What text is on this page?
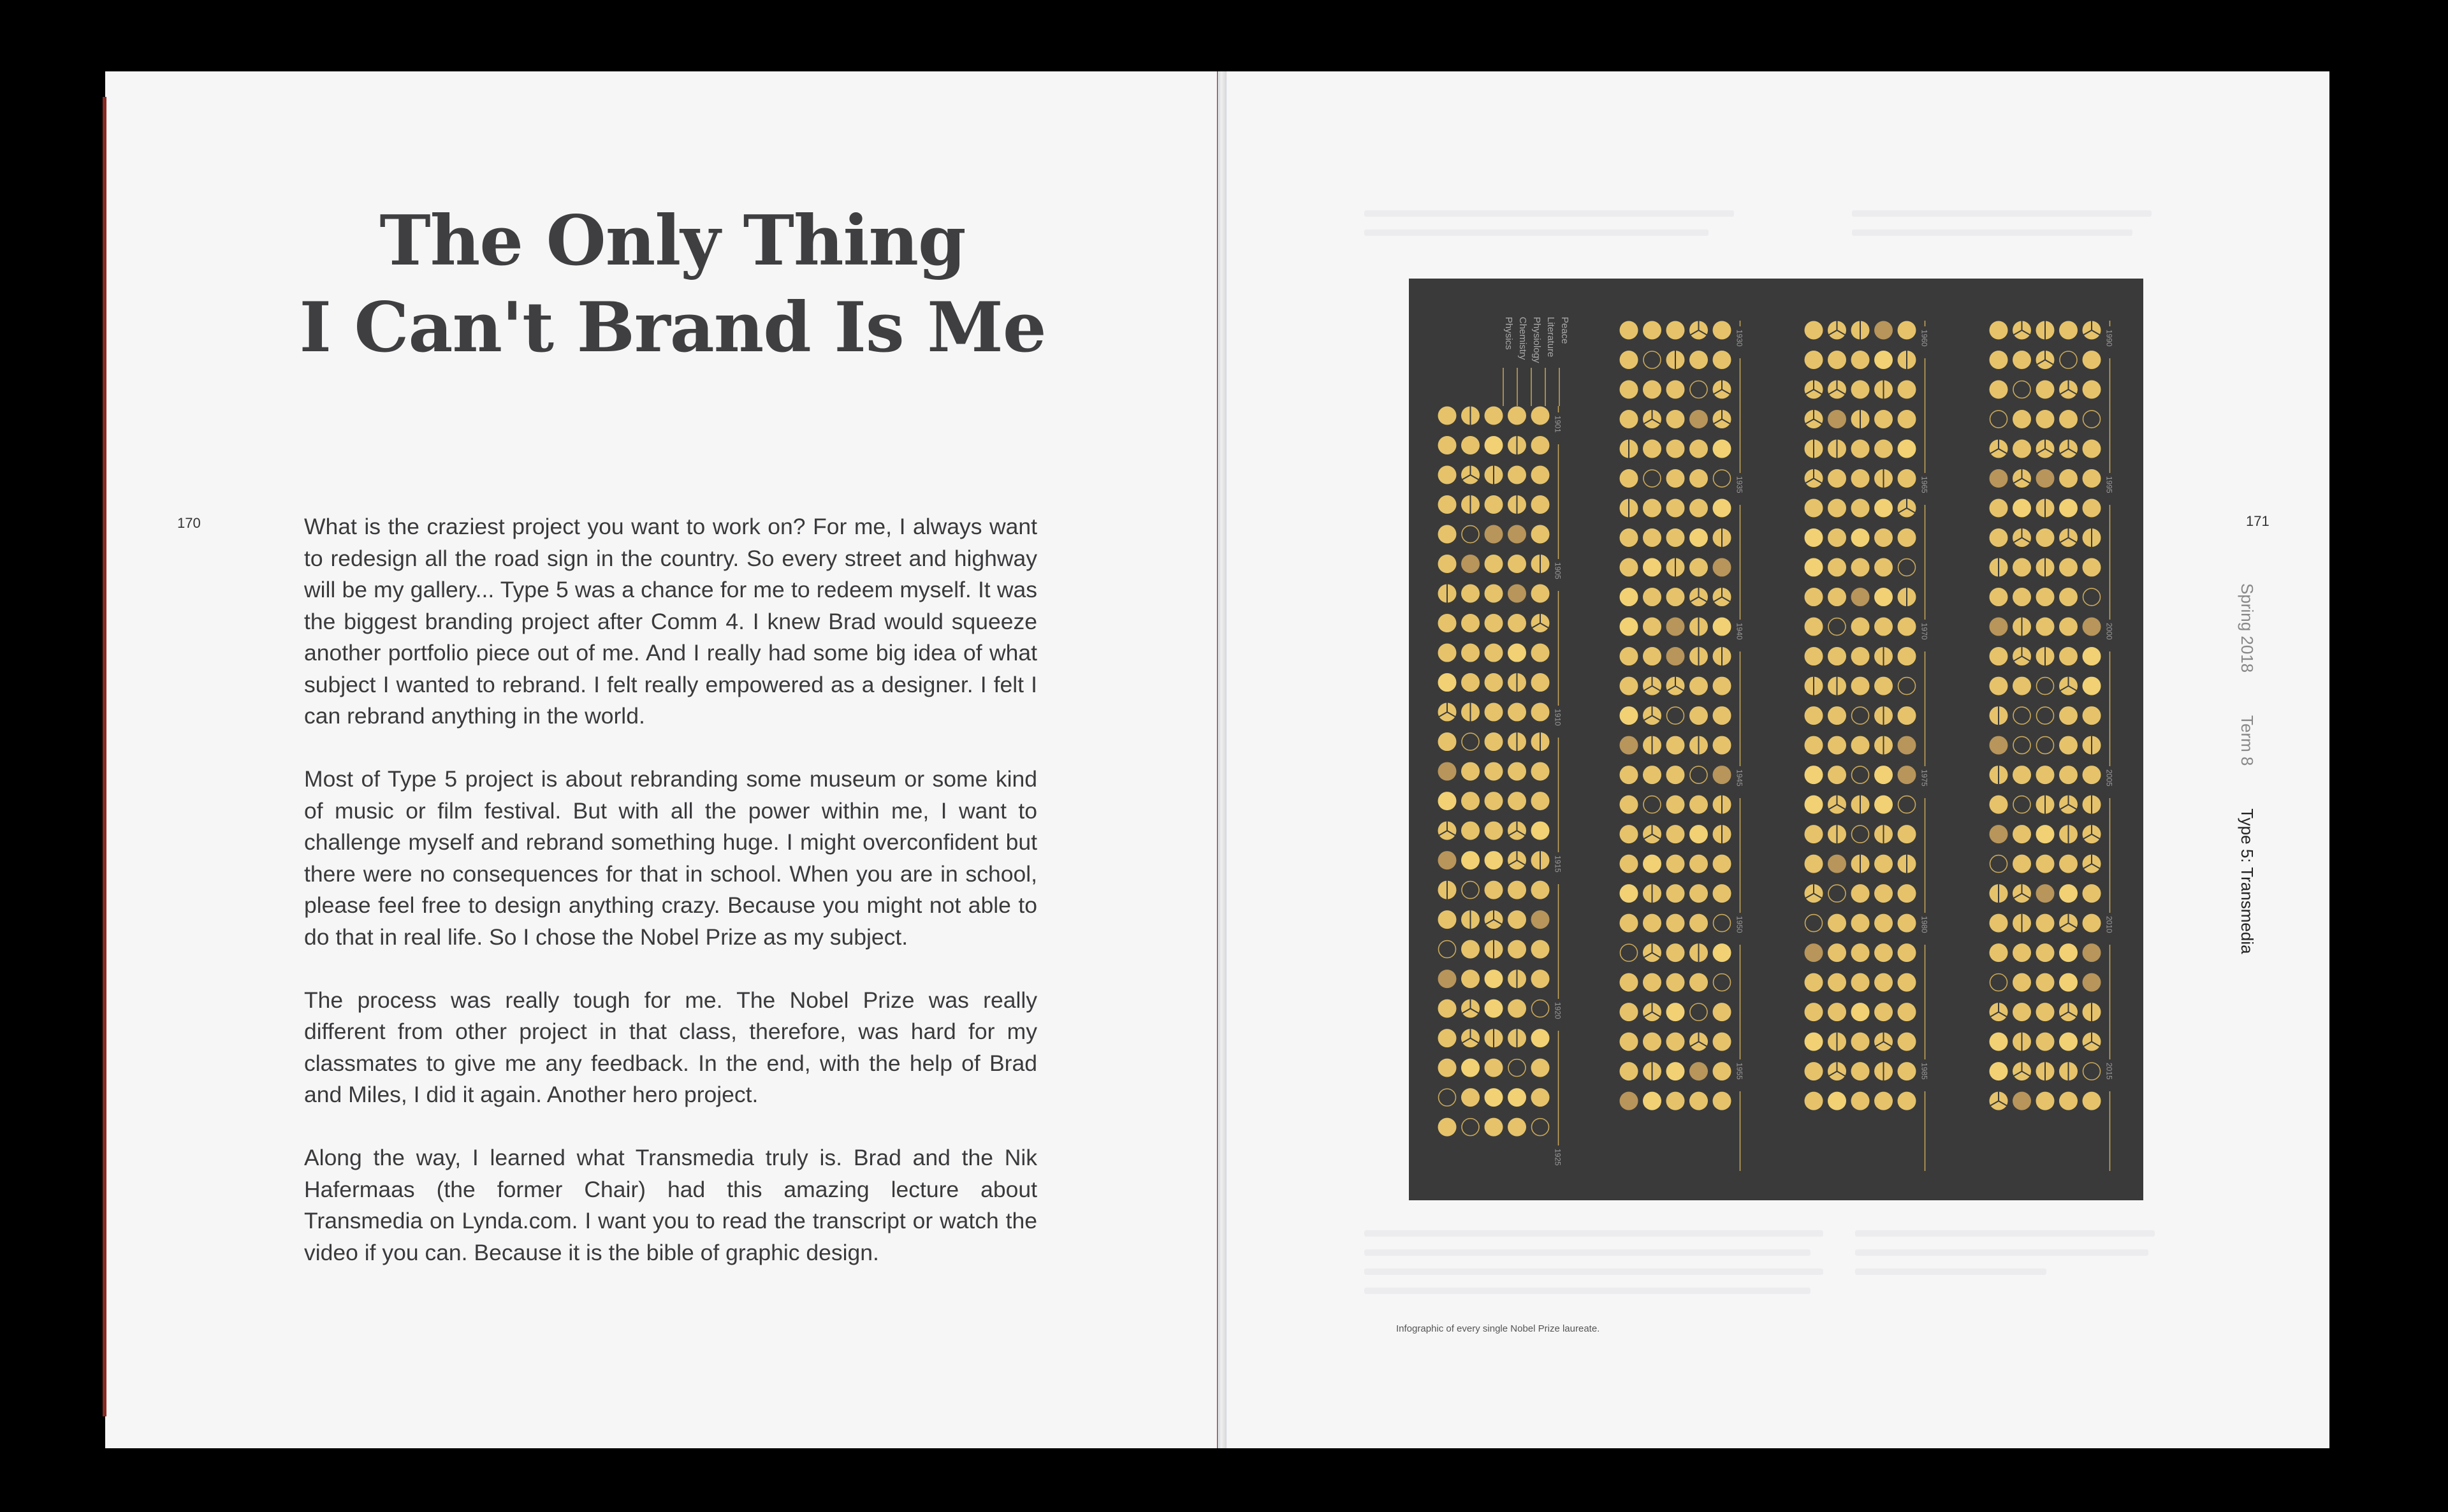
The Only Thing
I Can't Brand Is Me
170	What is the craziest project you want to work on? For me, I always want to redesign all the road sign in the country. So every street and highway will be my gallery... Type 5 was a chance for me to redeem myself. It was the biggest branding project after Comm 4. I knew Brad would squeeze another portfolio piece out of me. And I really had some big idea of what subject I wanted to rebrand. I felt really empowered as a designer. I felt I can rebrand anything in the world.

Most of Type 5 project is about rebranding some museum or some kind of music or film festival. But with all the power within me, I want to challenge myself and rebrand something huge. I might overconfident but there were no consequences for that in school. When you are in school, please feel free to design anything crazy. Because you might not able to do that in real life. So I chose the Nobel Prize as my subject.

The process was really tough for me. The Nobel Prize was really different from other project in that class, therefore, was hard for my classmates to give me any feedback. In the end, with the help of Brad and Miles, I did it again. Another hero project.

Along the way, I learned what Transmedia truly is. Brad and the Nik Hafermaas (the former Chair) had this amazing lecture about Transmedia on Lynda.com. I want you to read the transcript or watch the video if you can. Because it is the bible of graphic design.

171
Spring 2018 Term 8 Type 5: Transmedia
Peace
Literature
Physiology
Chemistry
Physics
1901
1905
1910
1915
1920
1925
1930
1935
1940
1945
1950
1955
1960
1965
1970
1975
1980
1985
1990
1995
2000
2005
2010
2015
Infographic of every single Nobel Prize laureate.
